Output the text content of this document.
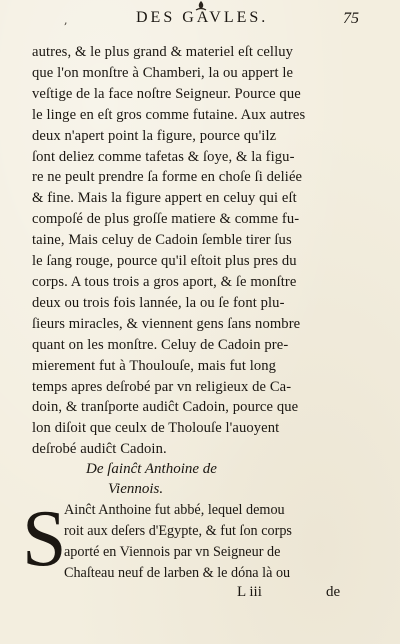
,	DES GAVLES.	75
autres, & le plus grand & materiel eſt celluy
que l'on monſtre à Chamberi, la ou appert le
veſtige de la face noſtre Seigneur. Pource que
le linge en eſt gros comme futaine. Aux autres
deux n'apert point la figure, pource qu'ilz
ſont deliez comme tafetas & ſoye, & la figu-
re ne peult prendre ſa forme en choſe ſi deliée
& fine. Mais la figure appert en celuy qui eſt
compoſé de plus groſſe matiere & comme fu-
taine, Mais celuy de Cadoin ſemble tirer ſus
le ſang rouge, pource qu'il eſtoit plus pres du
corps. A tous trois a gros aport, & ſe monſtre
deux ou trois fois lannée, la ou ſe font plu-
ſieurs miracles, & viennent gens ſans nombre
quant on les monſtre. Celuy de Cadoin pre-
mierement fut à Thoulouſe, mais fut long
temps apres deſrobé par vn religieux de Ca-
doin, & tranſporte audiĉt Cadoin, pource que
lon diſoit que ceulx de Tholouſe l'auoyent
deſrobé audiĉt Cadoin.
De ſainĉt Anthoine de
Viennois.
S
Ainĉt Anthoine fut abbé, lequel demou
roit aux deſers d'Egypte, & fut ſon corps
aporté en Viennois par vn Seigneur de
Chaſteau neuf de larben & le dóna là ou
L iii	de
